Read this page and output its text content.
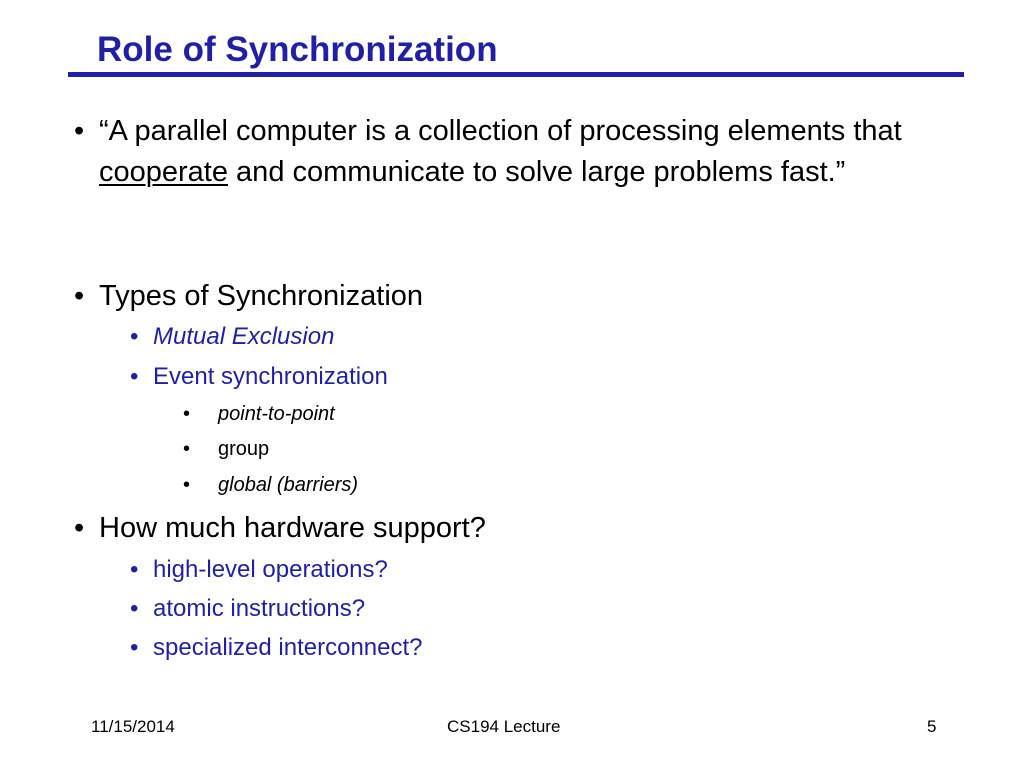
Role of Synchronization
• “A parallel computer is a collection of processing elements that cooperate and communicate to solve large problems fast.”
• Types of Synchronization
• Mutual Exclusion
• Event synchronization
• point-to-point
• group
• global (barriers)
• How much hardware support?
• high-level operations?
• atomic instructions?
• specialized interconnect?
11/15/2014	CS194 Lecture	5
